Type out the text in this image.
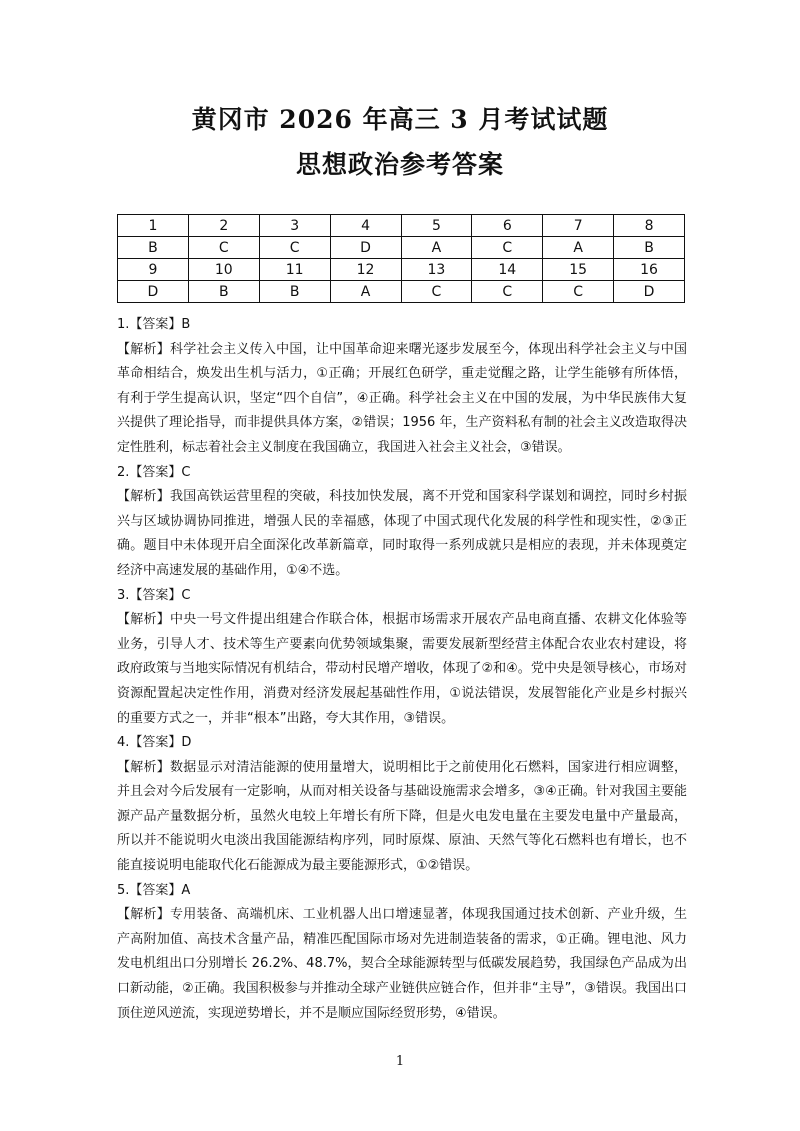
黄冈市 2026 年高三 3 月考试试题
思想政治参考答案
1	2	3	4	5	6	7	8
B	C	C	D	A	C	A	B
9	10	11	12	13	14	15	16
D	B	B	A	C	C	C	D

1.【答案】B

【解析】科学社会主义传入中国，让中国革命迎来曙光逐步发展至今，体现出科学社会主义与中国革命相结合，焕发出生机与活力，①正确；开展红色研学，重走觉醒之路，让学生能够有所体悟，有利于学生提高认识，坚定“四个自信”，④正确。科学社会主义在中国的发展，为中华民族伟大复兴提供了理论指导，而非提供具体方案，②错误；1956 年，生产资料私有制的社会主义改造取得决定性胜利，标志着社会主义制度在我国确立，我国进入社会主义社会，③错误。

2.【答案】C

【解析】我国高铁运营里程的突破，科技加快发展，离不开党和国家科学谋划和调控，同时乡村振兴与区域协调协同推进，增强人民的幸福感，体现了中国式现代化发展的科学性和现实性，②③正确。题目中未体现开启全面深化改革新篇章，同时取得一系列成就只是相应的表现，并未体现奠定经济中高速发展的基础作用，①④不选。

3.【答案】C

【解析】中央一号文件提出组建合作联合体，根据市场需求开展农产品电商直播、农耕文化体验等业务，引导人才、技术等生产要素向优势领域集聚，需要发展新型经营主体配合农业农村建设，将政府政策与当地实际情况有机结合，带动村民增产增收，体现了②和④。党中央是领导核心，市场对资源配置起决定性作用，消费对经济发展起基础性作用，①说法错误，发展智能化产业是乡村振兴的重要方式之一，并非“根本”出路，夸大其作用，③错误。

4.【答案】D

【解析】数据显示对清洁能源的使用量增大，说明相比于之前使用化石燃料，国家进行相应调整，并且会对今后发展有一定影响，从而对相关设备与基础设施需求会增多，③④正确。针对我国主要能源产品产量数据分析，虽然火电较上年增长有所下降，但是火电发电量在主要发电量中产量最高，所以并不能说明火电淡出我国能源结构序列，同时原煤、原油、天然气等化石燃料也有增长，也不能直接说明电能取代化石能源成为最主要能源形式，①②错误。

5.【答案】A

【解析】专用装备、高端机床、工业机器人出口增速显著，体现我国通过技术创新、产业升级，生产高附加值、高技术含量产品，精准匹配国际市场对先进制造装备的需求，①正确。锂电池、风力发电机组出口分别增长 26.2%、48.7%，契合全球能源转型与低碳发展趋势，我国绿色产品成为出口新动能，②正确。我国积极参与并推动全球产业链供应链合作，但并非“主导”，③错误。我国出口顶住逆风逆流，实现逆势增长，并不是顺应国际经贸形势，④错误。

1
